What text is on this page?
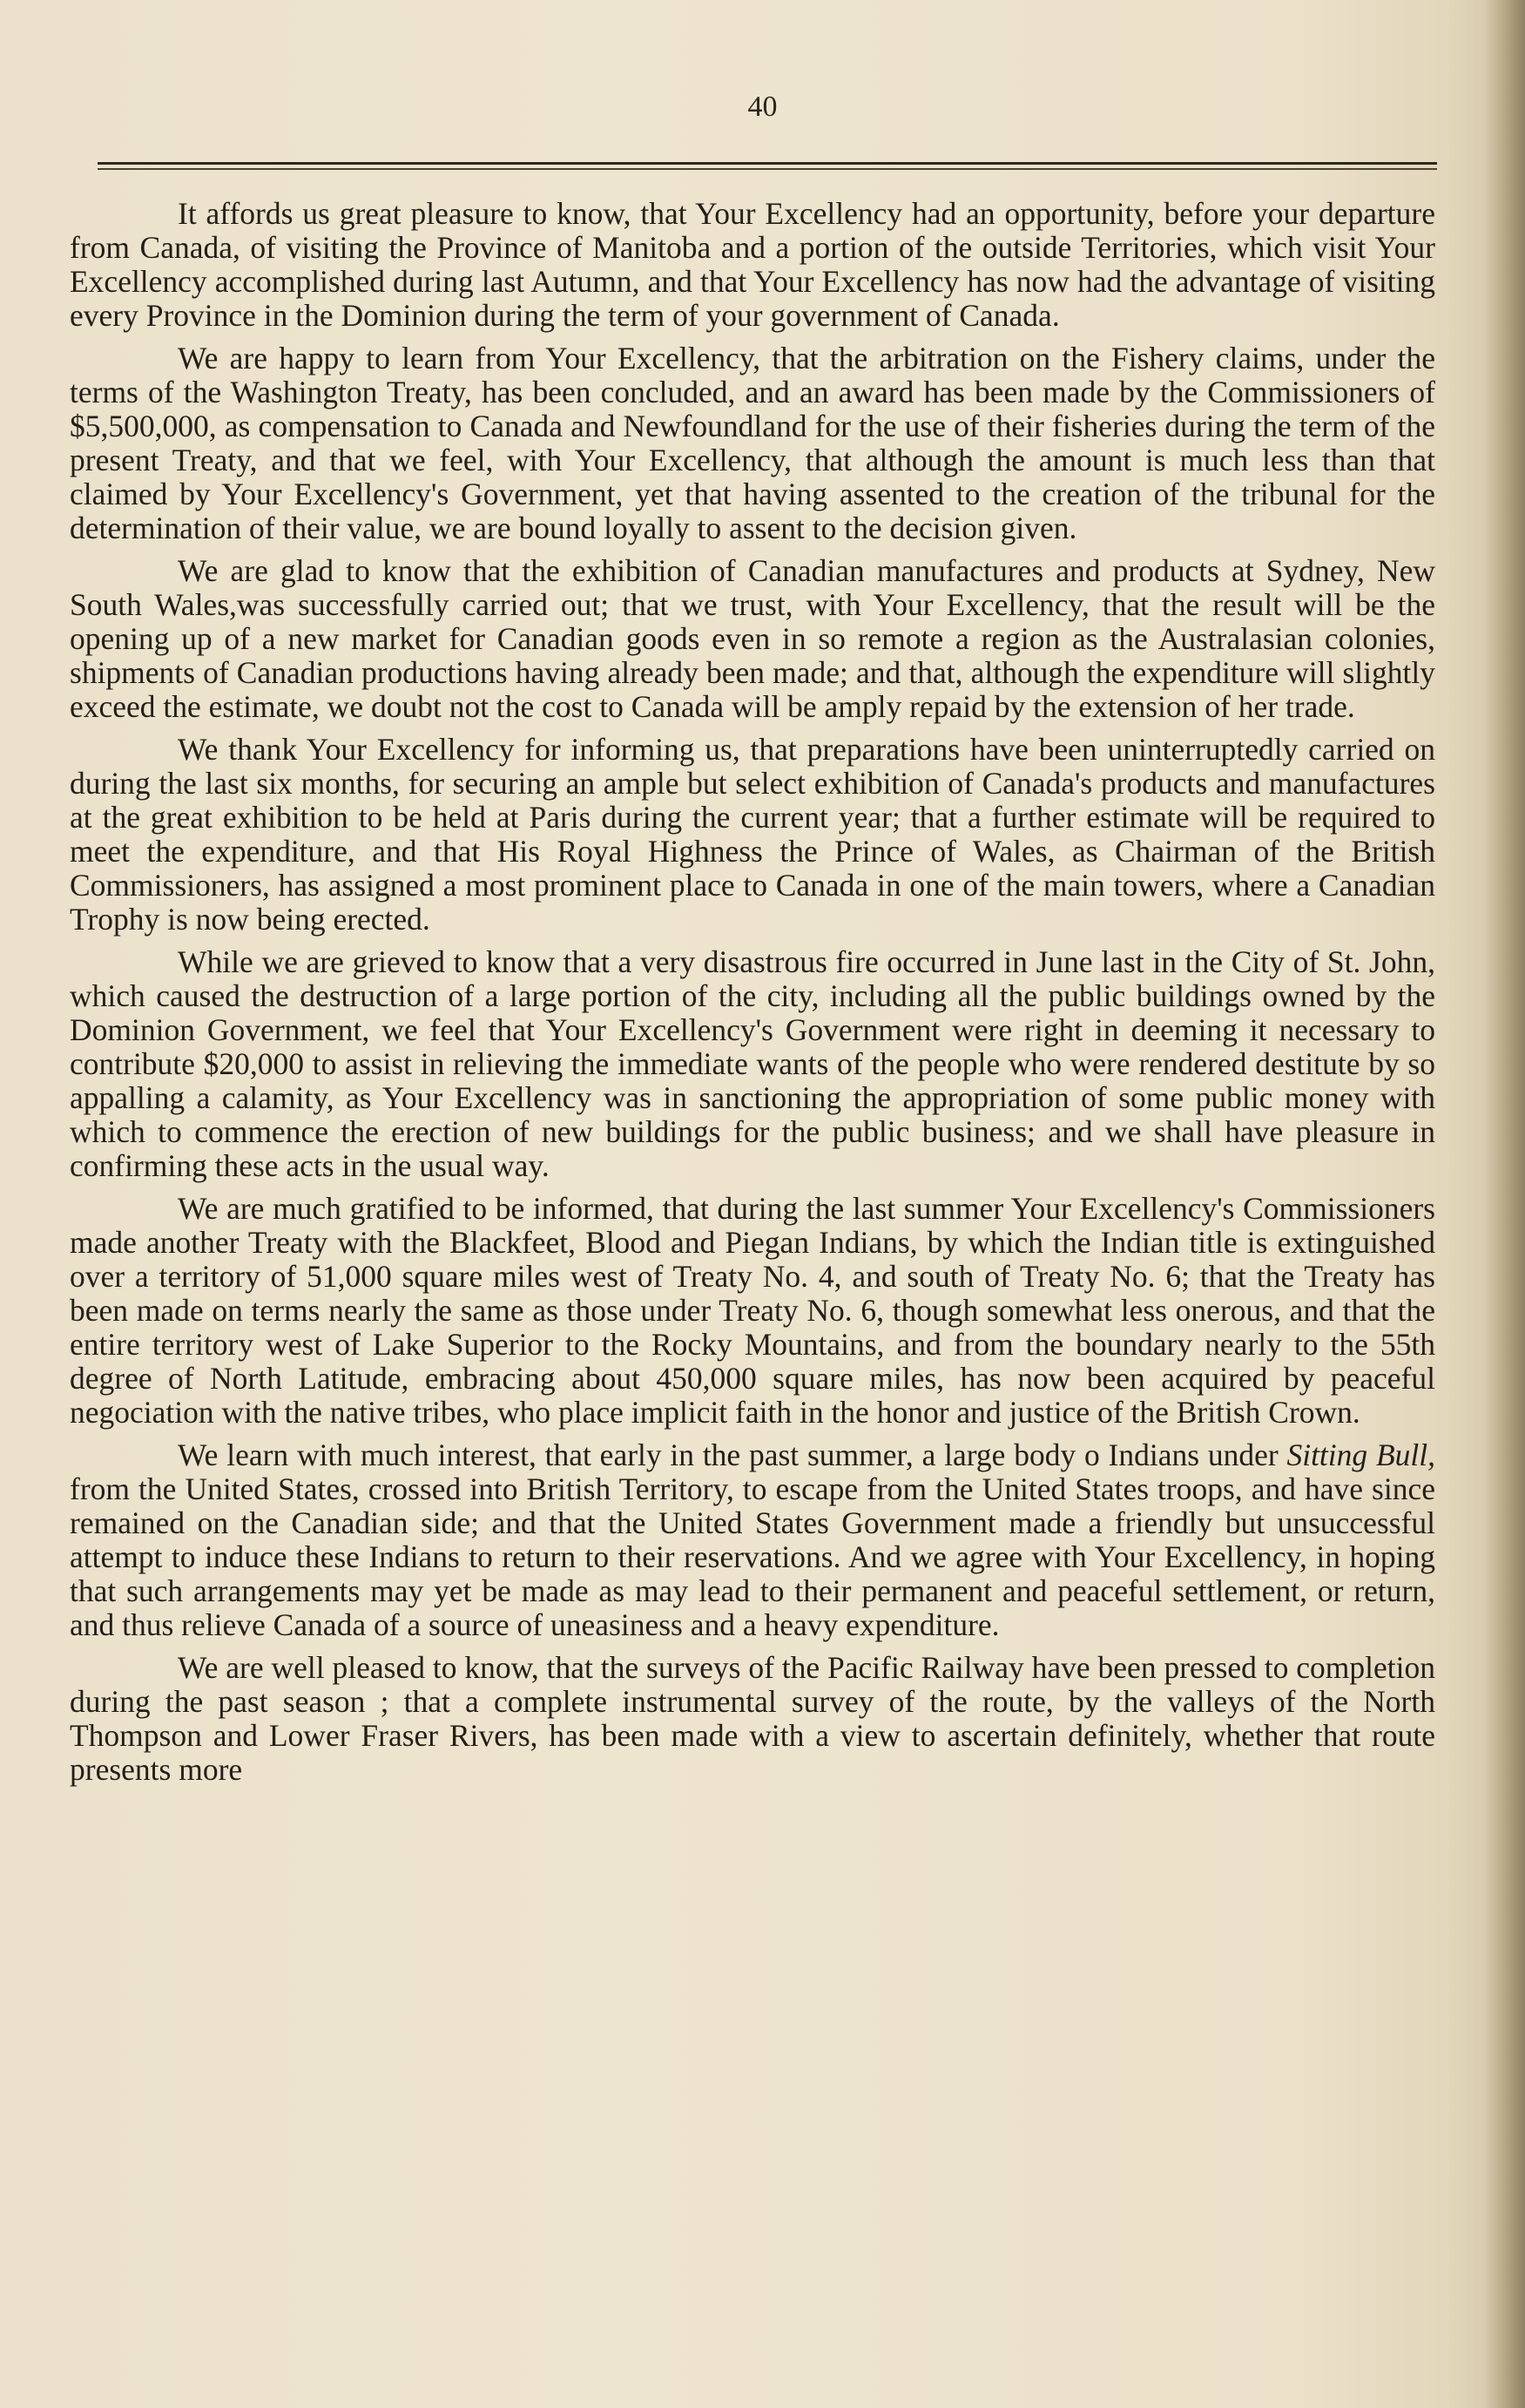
40

It affords us great pleasure to know, that Your Excellency had an opportunity, before your departure from Canada, of visiting the Province of Manitoba and a portion of the outside Territories, which visit Your Excellency accomplished during last Autumn, and that Your Excellency has now had the advantage of visiting every Province in the Dominion during the term of your government of Canada.

We are happy to learn from Your Excellency, that the arbitration on the Fishery claims, under the terms of the Washington Treaty, has been concluded, and an award has been made by the Commissioners of $5,500,000, as compensation to Canada and Newfoundland for the use of their fisheries during the term of the present Treaty, and that we feel, with Your Excellency, that although the amount is much less than that claimed by Your Excellency's Government, yet that having assented to the creation of the tribunal for the determination of their value, we are bound loyally to assent to the decision given.

We are glad to know that the exhibition of Canadian manufactures and products at Sydney, New South Wales,was successfully carried out; that we trust, with Your Excellency, that the result will be the opening up of a new market for Canadian goods even in so remote a region as the Australasian colonies, shipments of Canadian productions having already been made; and that, although the expenditure will slightly exceed the estimate, we doubt not the cost to Canada will be amply repaid by the extension of her trade.

We thank Your Excellency for informing us, that preparations have been uninterruptedly carried on during the last six months, for securing an ample but select exhibition of Canada's products and manufactures at the great exhibition to be held at Paris during the current year; that a further estimate will be required to meet the expenditure, and that His Royal Highness the Prince of Wales, as Chairman of the British Commissioners, has assigned a most prominent place to Canada in one of the main towers, where a Canadian Trophy is now being erected.

While we are grieved to know that a very disastrous fire occurred in June last in the City of St. John, which caused the destruction of a large portion of the city, including all the public buildings owned by the Dominion Government, we feel that Your Excellency's Government were right in deeming it necessary to contribute $20,000 to assist in relieving the immediate wants of the people who were rendered destitute by so appalling a calamity, as Your Excellency was in sanctioning the appropriation of some public money with which to commence the erection of new buildings for the public business; and we shall have pleasure in confirming these acts in the usual way.

We are much gratified to be informed, that during the last summer Your Excellency's Commissioners made another Treaty with the Blackfeet, Blood and Piegan Indians, by which the Indian title is extinguished over a territory of 51,000 square miles west of Treaty No. 4, and south of Treaty No. 6; that the Treaty has been made on terms nearly the same as those under Treaty No. 6, though somewhat less onerous, and that the entire territory west of Lake Superior to the Rocky Mountains, and from the boundary nearly to the 55th degree of North Latitude, embracing about 450,000 square miles, has now been acquired by peaceful negociation with the native tribes, who place implicit faith in the honor and justice of the British Crown.

We learn with much interest, that early in the past summer, a large body o Indians under Sitting Bull, from the United States, crossed into British Territory, to escape from the United States troops, and have since remained on the Canadian side; and that the United States Government made a friendly but unsuccessful attempt to induce these Indians to return to their reservations. And we agree with Your Excellency, in hoping that such arrangements may yet be made as may lead to their permanent and peaceful settlement, or return, and thus relieve Canada of a source of uneasiness and a heavy expenditure.

We are well pleased to know, that the surveys of the Pacific Railway have been pressed to completion during the past season ; that a complete instrumental survey of the route, by the valleys of the North Thompson and Lower Fraser Rivers, has been made with a view to ascertain definitely, whether that route presents more
